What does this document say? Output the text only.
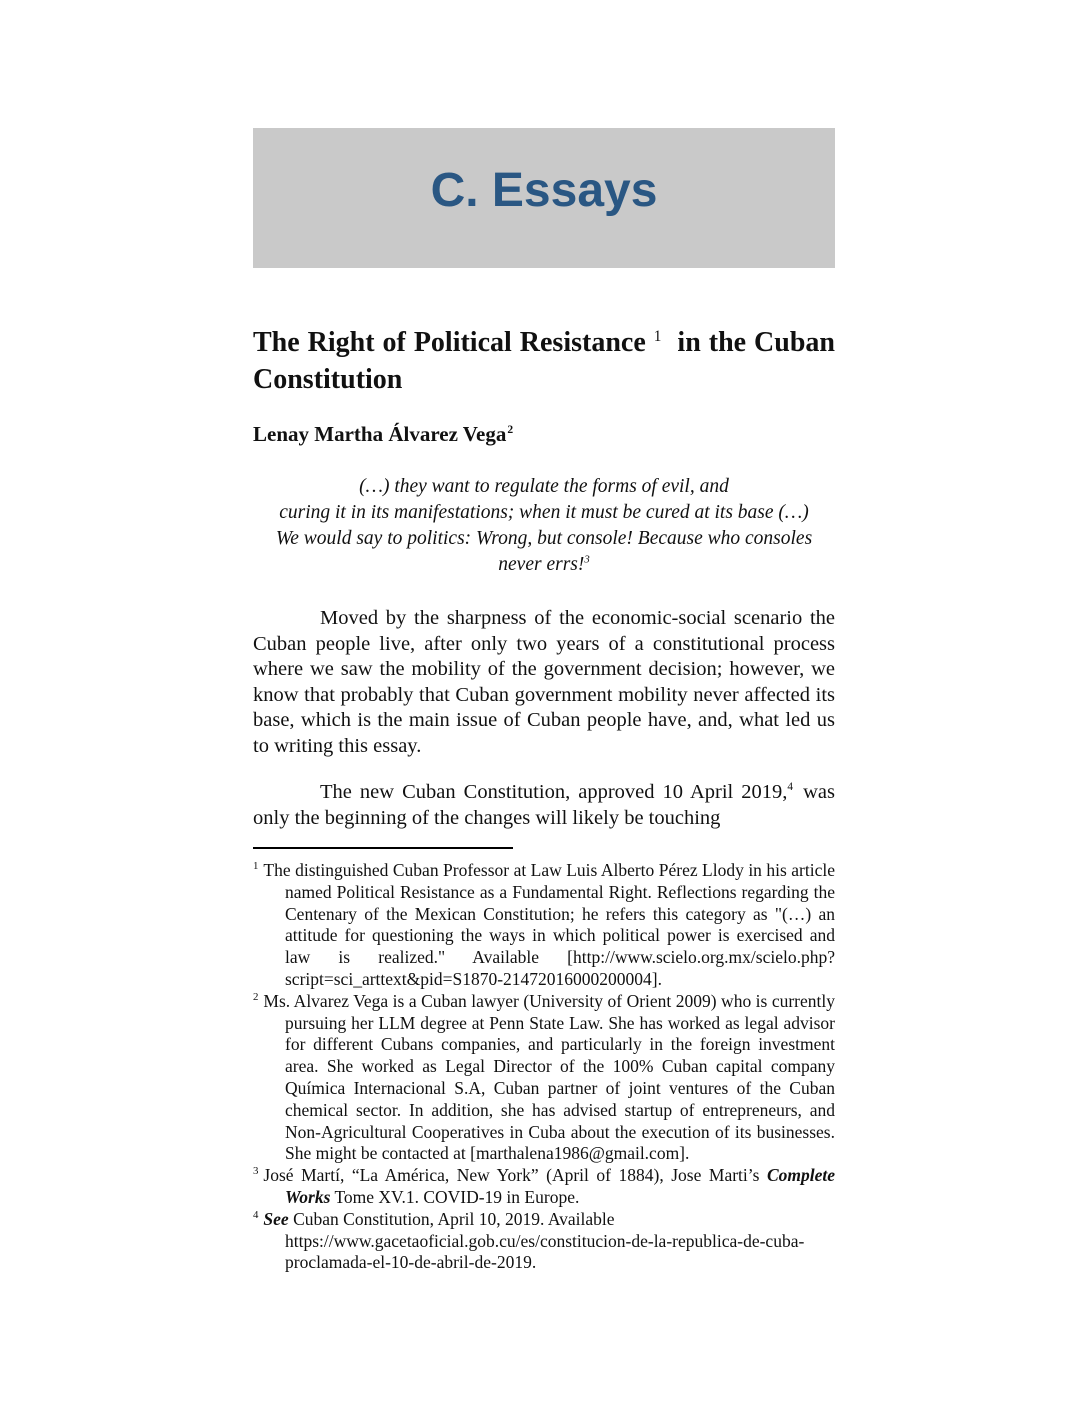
C. Essays
The Right of Political Resistance $^1$ in the Cuban Constitution
Lenay Martha Álvarez Vega$^2$
(…) they want to regulate the forms of evil, and
curing it in its manifestations; when it must be cured at its base (…)
We would say to politics: Wrong, but console! Because who consoles
never errs!$^3$

Moved by the sharpness of the economic-social scenario the Cuban people live, after only two years of a constitutional process where we saw the mobility of the government decision; however, we know that probably that Cuban government mobility never affected its base, which is the main issue of Cuban people have, and, what led us to writing this essay.

The new Cuban Constitution, approved 10 April 2019,$^4$ was only the beginning of the changes will likely be touching

$^1$ The distinguished Cuban Professor at Law Luis Alberto Pérez Llody in his article named Political Resistance as a Fundamental Right. Reflections regarding the Centenary of the Mexican Constitution; he refers this category as "(…) an attitude for questioning the ways in which political power is exercised and law is realized." Available [http://www.scielo.org.mx/scielo.php?script=sci_arttext&pid=S1870-21472016000200004].

$^2$ Ms. Alvarez Vega is a Cuban lawyer (University of Orient 2009) who is currently pursuing her LLM degree at Penn State Law. She has worked as legal advisor for different Cubans companies, and particularly in the foreign investment area. She worked as Legal Director of the 100% Cuban capital company Química Internacional S.A, Cuban partner of joint ventures of the Cuban chemical sector. In addition, she has advised startup of entrepreneurs, and Non-Agricultural Cooperatives in Cuba about the execution of its businesses. She might be contacted at [marthalena1986@gmail.com].

$^3$ José Martí, “La América, New York” (April of 1884), Jose Marti’s Complete Works Tome XV.1. COVID-19 in Europe.

$^4$ See Cuban Constitution, April 10, 2019. Available
https://www.gacetaoficial.gob.cu/es/constitucion-de-la-republica-de-cuba-proclamada-el-10-de-abril-de-2019.
